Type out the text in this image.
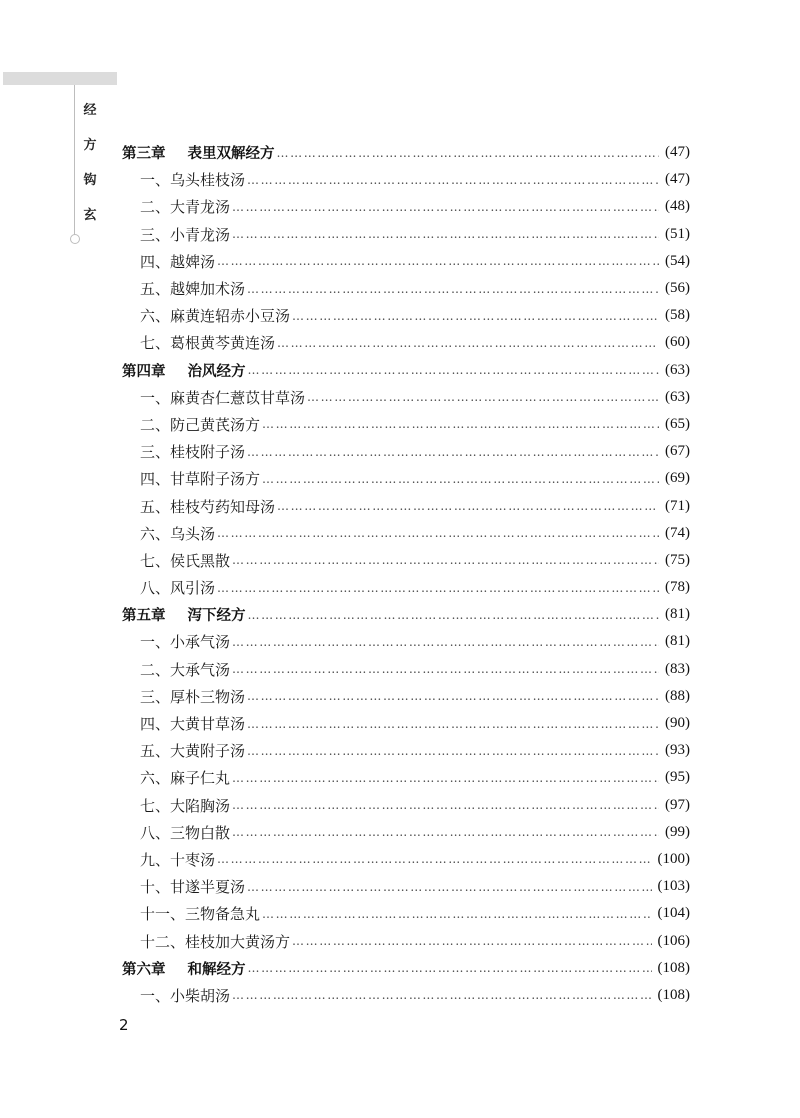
经
方
钩
玄
第三章 表里双解经方 …………………………………………………………………………………………………………………………………………	(47)
一、乌头桂枝汤 …………………………………………………………………………………………………………………………………………	(47)
二、大青龙汤 …………………………………………………………………………………………………………………………………………	(48)
三、小青龙汤 …………………………………………………………………………………………………………………………………………	(51)
四、越婢汤 …………………………………………………………………………………………………………………………………………	(54)
五、越婢加术汤 …………………………………………………………………………………………………………………………………………	(56)
六、麻黄连轺赤小豆汤 …………………………………………………………………………………………………………………………………………	(58)
七、葛根黄芩黄连汤 …………………………………………………………………………………………………………………………………………	(60)
第四章 治风经方 …………………………………………………………………………………………………………………………………………	(63)
一、麻黄杏仁薏苡甘草汤 …………………………………………………………………………………………………………………………………………	(63)
二、防己黄芪汤方 …………………………………………………………………………………………………………………………………………	(65)
三、桂枝附子汤 …………………………………………………………………………………………………………………………………………	(67)
四、甘草附子汤方 …………………………………………………………………………………………………………………………………………	(69)
五、桂枝芍药知母汤 …………………………………………………………………………………………………………………………………………	(71)
六、乌头汤 …………………………………………………………………………………………………………………………………………	(74)
七、侯氏黑散 …………………………………………………………………………………………………………………………………………	(75)
八、风引汤 …………………………………………………………………………………………………………………………………………	(78)
第五章 泻下经方 …………………………………………………………………………………………………………………………………………	(81)
一、小承气汤 …………………………………………………………………………………………………………………………………………	(81)
二、大承气汤 …………………………………………………………………………………………………………………………………………	(83)
三、厚朴三物汤 …………………………………………………………………………………………………………………………………………	(88)
四、大黄甘草汤 …………………………………………………………………………………………………………………………………………	(90)
五、大黄附子汤 …………………………………………………………………………………………………………………………………………	(93)
六、麻子仁丸 …………………………………………………………………………………………………………………………………………	(95)
七、大陷胸汤 …………………………………………………………………………………………………………………………………………	(97)
八、三物白散 …………………………………………………………………………………………………………………………………………	(99)
九、十枣汤 …………………………………………………………………………………………………………………………………………	(100)
十、甘遂半夏汤 …………………………………………………………………………………………………………………………………………	(103)
十一、三物备急丸 …………………………………………………………………………………………………………………………………………	(104)
十二、桂枝加大黄汤方 …………………………………………………………………………………………………………………………………………	(106)
第六章 和解经方 …………………………………………………………………………………………………………………………………………	(108)
一、小柴胡汤 …………………………………………………………………………………………………………………………………………	(108)
2
